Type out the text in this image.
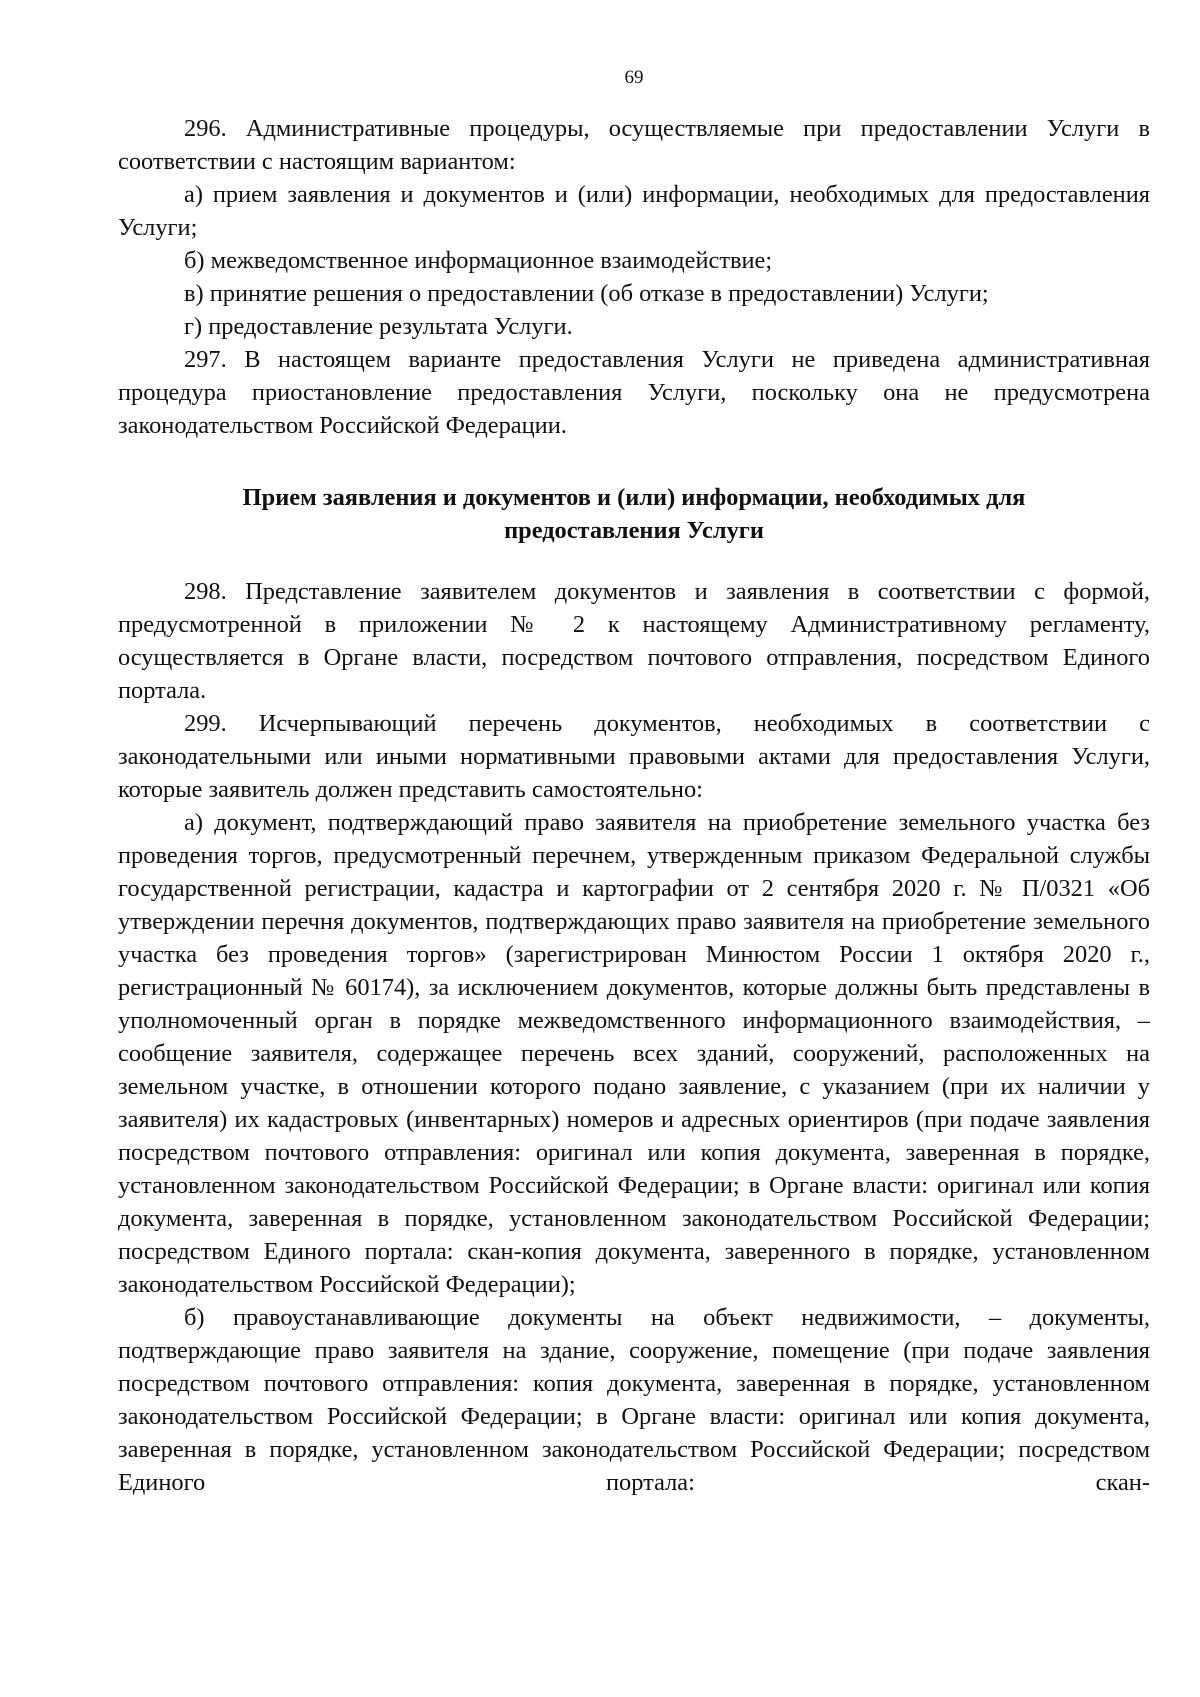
69

296. Административные процедуры, осуществляемые при предоставлении Услуги в соответствии с настоящим вариантом:

а) прием заявления и документов и (или) информации, необходимых для предоставления Услуги;

б) межведомственное информационное взаимодействие;

в) принятие решения о предоставлении (об отказе в предоставлении) Услуги;

г) предоставление результата Услуги.

297. В настоящем варианте предоставления Услуги не приведена административная процедура приостановление предоставления Услуги, поскольку она не предусмотрена законодательством Российской Федерации.

Прием заявления и документов и (или) информации, необходимых для
предоставления Услуги

298. Представление заявителем документов и заявления в соответствии с формой, предусмотренной в приложении № 2 к настоящему Административному регламенту, осуществляется в Органе власти, посредством почтового отправления, посредством Единого портала.

299. Исчерпывающий перечень документов, необходимых в соответствии с законодательными или иными нормативными правовыми актами для предоставления Услуги, которые заявитель должен представить самостоятельно:

а) документ, подтверждающий право заявителя на приобретение земельного участка без проведения торгов, предусмотренный перечнем, утвержденным приказом Федеральной службы государственной регистрации, кадастра и картографии от 2 сентября 2020 г. № П/0321 «Об утверждении перечня документов, подтверждающих право заявителя на приобретение земельного участка без проведения торгов» (зарегистрирован Минюстом России 1 октября 2020 г., регистрационный № 60174), за исключением документов, которые должны быть представлены в уполномоченный орган в порядке межведомственного информационного взаимодействия, – сообщение заявителя, содержащее перечень всех зданий, сооружений, расположенных на земельном участке, в отношении которого подано заявление, с указанием (при их наличии у заявителя) их кадастровых (инвентарных) номеров и адресных ориентиров (при подаче заявления посредством почтового отправления: оригинал или копия документа, заверенная в порядке, установленном законодательством Российской Федерации; в Органе власти: оригинал или копия документа, заверенная в порядке, установленном законодательством Российской Федерации; посредством Единого портала: скан-копия документа, заверенного в порядке, установленном законодательством Российской Федерации);

б) правоустанавливающие документы на объект недвижимости, – документы, подтверждающие право заявителя на здание, сооружение, помещение (при подаче заявления посредством почтового отправления: копия документа, заверенная в порядке, установленном законодательством Российской Федерации; в Органе власти: оригинал или копия документа, заверенная в порядке, установленном законодательством Российской Федерации; посредством Единого портала: скан-
